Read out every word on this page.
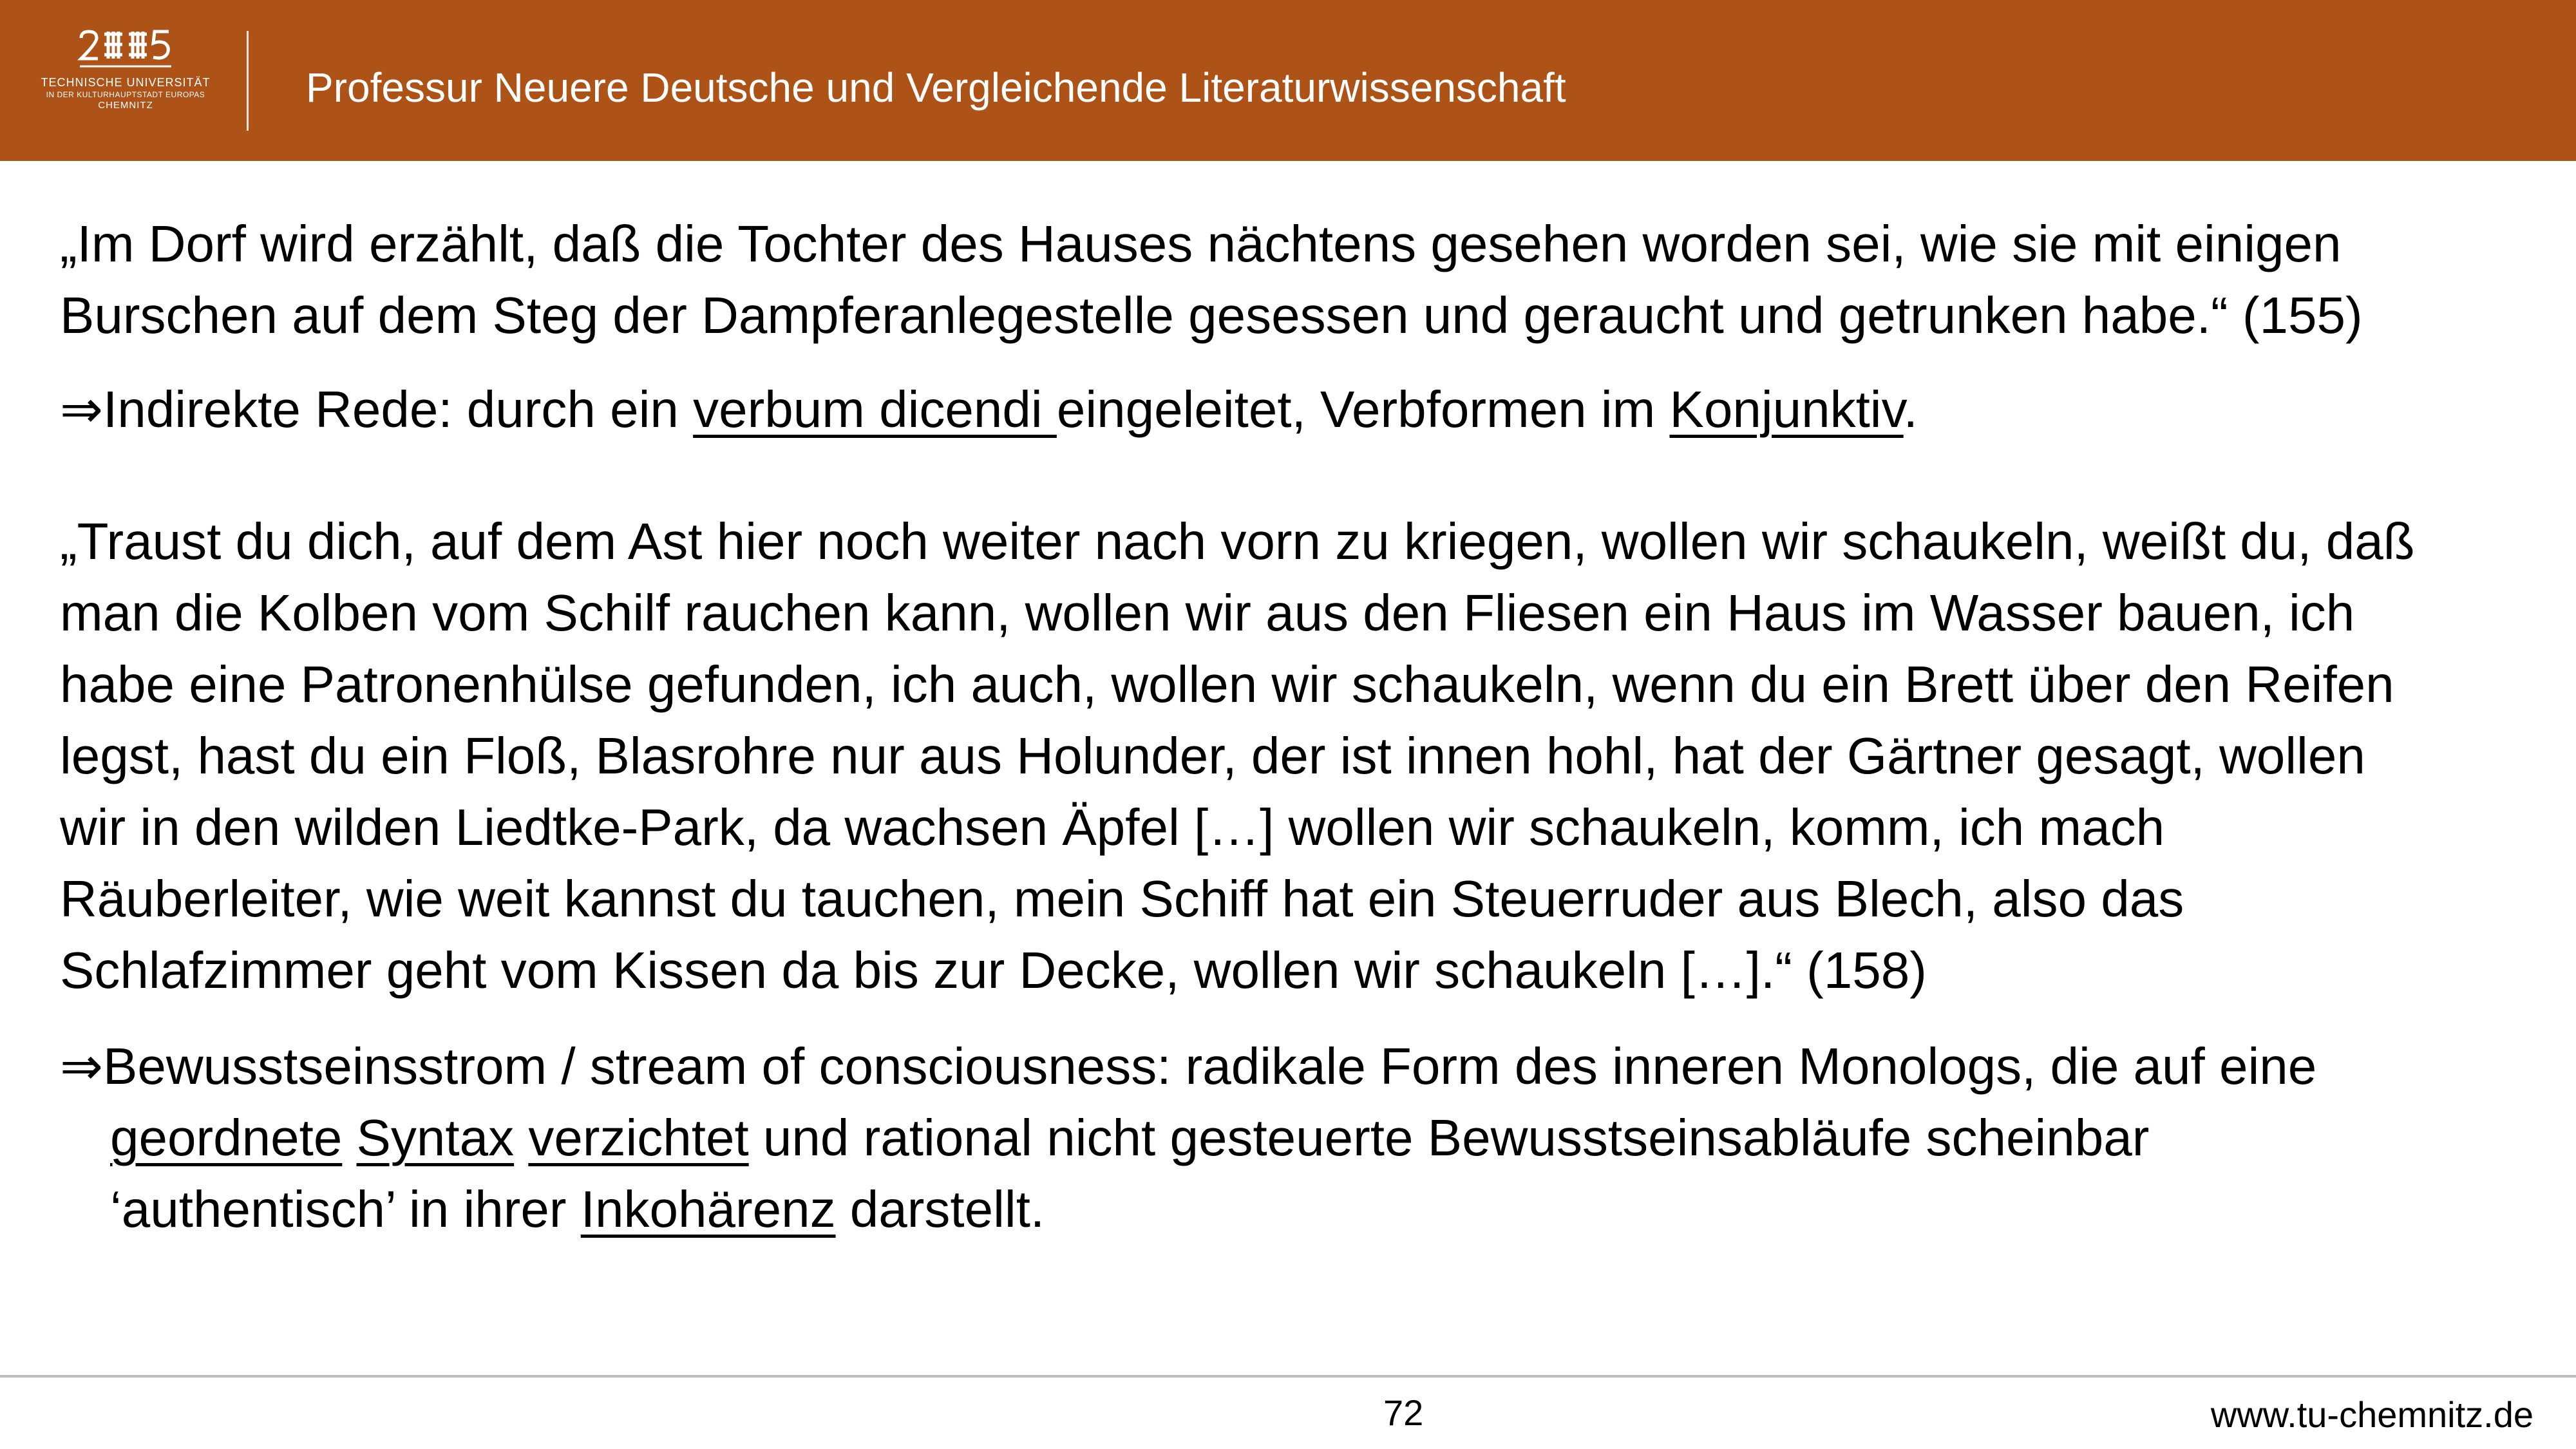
TECHNISCHE UNIVERSITÄT
IN DER KULTURHAUPTSTADT EUROPAS
CHEMNITZ	Professur Neuere Deutsche und Vergleichende Literaturwissenschaft

„Im Dorf wird erzählt, daß die Tochter des Hauses nächtens gesehen worden sei, wie sie mit einigen
Burschen auf dem Steg der Dampferanlegestelle gesessen und geraucht und getrunken habe.“ (155)

⇒Indirekte Rede: durch ein verbum dicendi eingeleitet, Verbformen im Konjunktiv.

„Traust du dich, auf dem Ast hier noch weiter nach vorn zu kriegen, wollen wir schaukeln, weißt du, daß
man die Kolben vom Schilf rauchen kann, wollen wir aus den Fliesen ein Haus im Wasser bauen, ich
habe eine Patronenhülse gefunden, ich auch, wollen wir schaukeln, wenn du ein Brett über den Reifen
legst, hast du ein Floß, Blasrohre nur aus Holunder, der ist innen hohl, hat der Gärtner gesagt, wollen
wir in den wilden Liedtke-Park, da wachsen Äpfel […] wollen wir schaukeln, komm, ich mach
Räuberleiter, wie weit kannst du tauchen, mein Schiff hat ein Steuerruder aus Blech, also das
Schlafzimmer geht vom Kissen da bis zur Decke, wollen wir schaukeln […].“ (158)

⇒Bewusstseinsstrom / stream of consciousness: radikale Form des inneren Monologs, die auf eine
geordnete Syntax verzichtet und rational nicht gesteuerte Bewusstseinsabläufe scheinbar
‘authentisch’ in ihrer Inkohärenz darstellt.

72	www.tu-chemnitz.de
